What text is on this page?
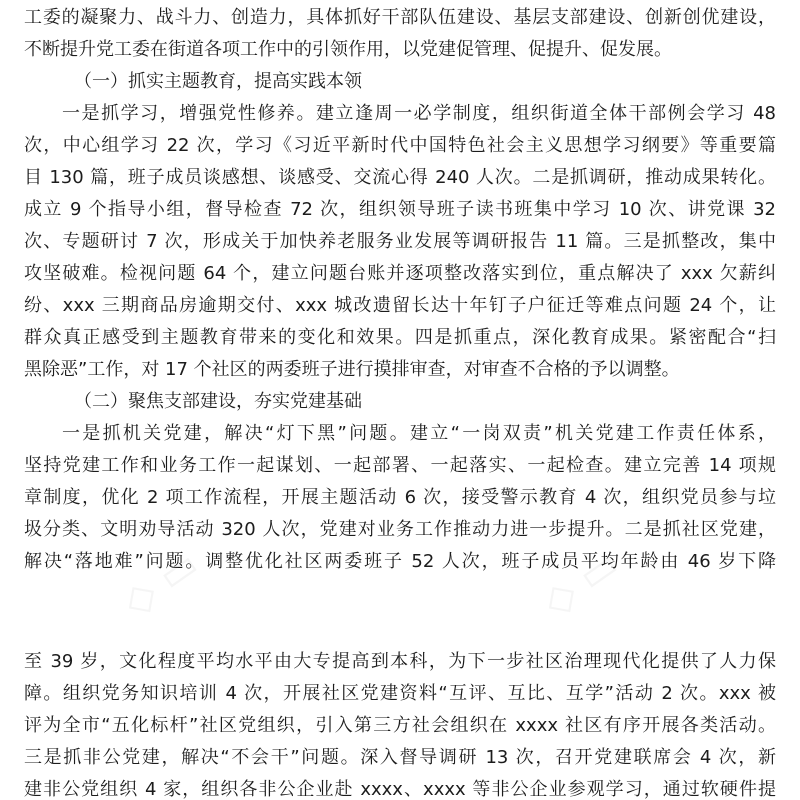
工委的凝聚力、战斗力、创造力，具体抓好干部队伍建设、基层支部建设、创新创优建设，
不断提升党工委在街道各项工作中的引领作用，以党建促管理、促提升、促发展。
（一）抓实主题教育，提高实践本领
一是抓学习，增强党性修养。建立逢周一必学制度，组织街道全体干部例会学习 48
次，中心组学习 22 次，学习《习近平新时代中国特色社会主义思想学习纲要》等重要篇
目 130 篇，班子成员谈感想、谈感受、交流心得 240 人次。二是抓调研，推动成果转化。
成立 9 个指导小组，督导检查 72 次，组织领导班子读书班集中学习 10 次、讲党课 32
次、专题研讨 7 次，形成关于加快养老服务业发展等调研报告 11 篇。三是抓整改，集中
攻坚破难。检视问题 64 个，建立问题台账并逐项整改落实到位，重点解决了 xxx 欠薪纠
纷、xxx 三期商品房逾期交付、xxx 城改遗留长达十年钉子户征迁等难点问题 24 个，让
群众真正感受到主题教育带来的变化和效果。四是抓重点，深化教育成果。紧密配合“扫
黑除恶”工作，对 17 个社区的两委班子进行摸排审查，对审查不合格的予以调整。
（二）聚焦支部建设，夯实党建基础
一是抓机关党建，解决“灯下黑”问题。建立“一岗双责”机关党建工作责任体系，
坚持党建工作和业务工作一起谋划、一起部署、一起落实、一起检查。建立完善 14 项规
章制度，优化 2 项工作流程，开展主题活动 6 次，接受警示教育 4 次，组织党员参与垃
圾分类、文明劝导活动 320 人次，党建对业务工作推动力进一步提升。二是抓社区党建，
解决“落地难”问题。调整优化社区两委班子 52 人次，班子成员平均年龄由 46 岁下降
至 39 岁，文化程度平均水平由大专提高到本科，为下一步社区治理现代化提供了人力保
障。组织党务知识培训 4 次，开展社区党建资料“互评、互比、互学”活动 2 次。xxx 被
评为全市“五化标杆”社区党组织，引入第三方社会组织在 xxxx 社区有序开展各类活动。
三是抓非公党建，解决“不会干”问题。深入督导调研 13 次，召开党建联席会 4 次，新
建非公党组织 4 家，组织各非公企业赴 xxxx、xxxx 等非公企业参观学习，通过软硬件提
◇ ▭	◇ ▭
